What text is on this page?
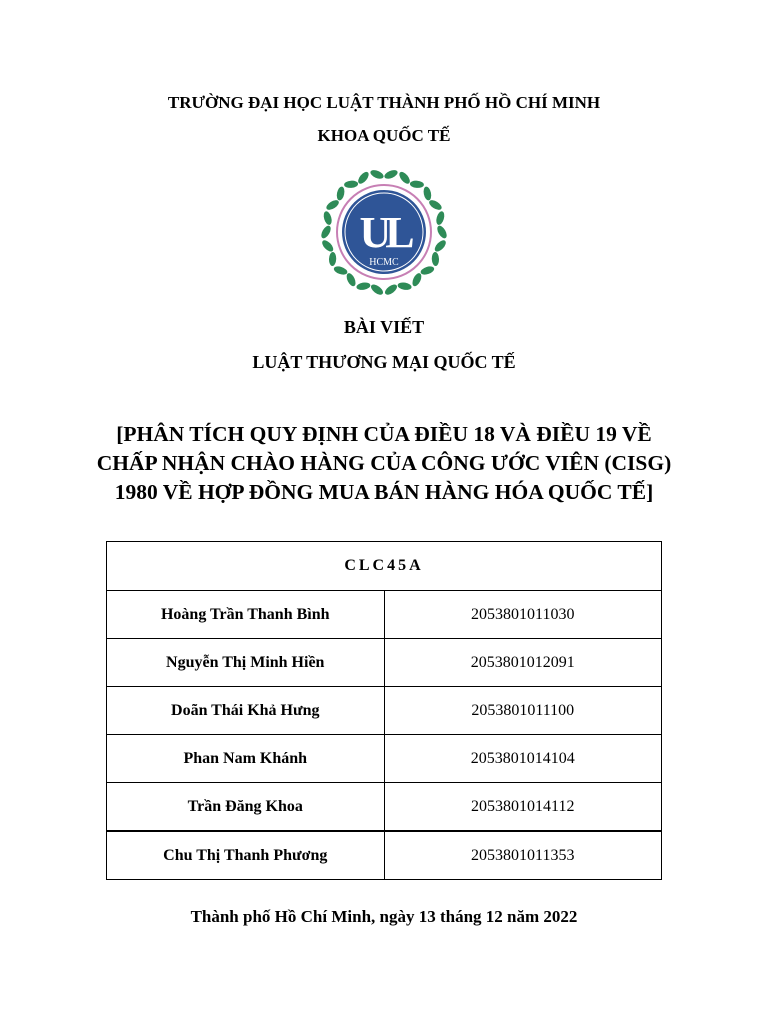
TRƯỜNG ĐẠI HỌC LUẬT THÀNH PHỐ HỒ CHÍ MINH
KHOA QUỐC TẾ
UL
HCMC
BÀI VIẾT
LUẬT THƯƠNG MẠI QUỐC TẾ
[PHÂN TÍCH QUY ĐỊNH CỦA ĐIỀU 18 VÀ ĐIỀU 19 VỀ
CHẤP NHẬN CHÀO HÀNG CỦA CÔNG ƯỚC VIÊN (CISG)
1980 VỀ HỢP ĐỒNG MUA BÁN HÀNG HÓA QUỐC TẾ]
CLC45A	
Hoàng Trần Thanh Bình	2053801011030
Nguyễn Thị Minh Hiền	2053801012091
Doãn Thái Khả Hưng	2053801011100
Phan Nam Khánh	2053801014104
Trần Đăng Khoa	2053801014112
Chu Thị Thanh Phương	2053801011353
Thành phố Hồ Chí Minh, ngày 13 tháng 12 năm 2022
